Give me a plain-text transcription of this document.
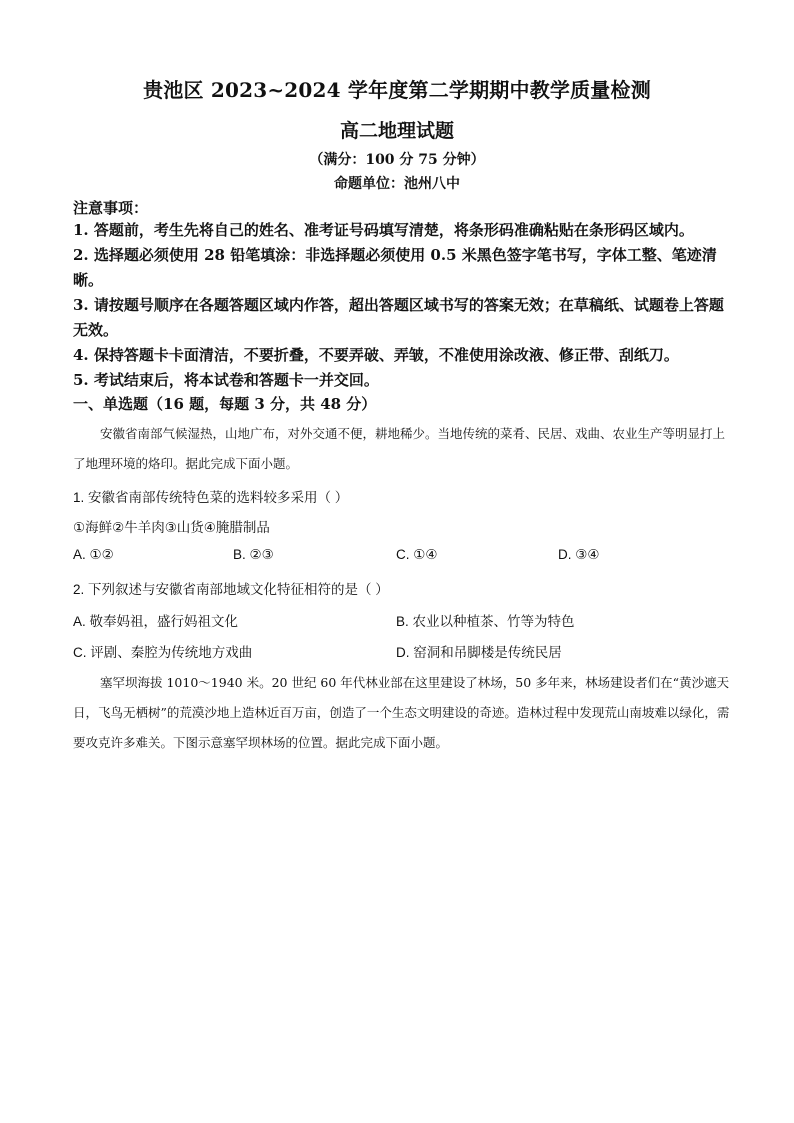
贵池区 2023~2024 学年度第二学期期中教学质量检测
高二地理试题
（满分：100 分 75 分钟）
命题单位：池州八中
注意事项：
1. 答题前，考生先将自己的姓名、准考证号码填写清楚，将条形码准确粘贴在条形码区域内。
2. 选择题必须使用 28 铅笔填涂：非选择题必须使用 0.5 米黑色签字笔书写，字体工整、笔迹清晰。
3. 请按题号顺序在各题答题区域内作答，超出答题区域书写的答案无效；在草稿纸、试题卷上答题无效。
4. 保持答题卡卡面清洁，不要折叠，不要弄破、弄皱，不准使用涂改液、修正带、刮纸刀。
5. 考试结束后，将本试卷和答题卡一并交回。
一、单选题（16 题，每题 3 分，共 48 分）
安徽省南部气候湿热，山地广布，对外交通不便，耕地稀少。当地传统的菜肴、民居、戏曲、农业生产等明显打上了地理环境的烙印。据此完成下面小题。
1. 安徽省南部传统特色菜的选料较多采用（ ）
①海鲜②牛羊肉③山货④腌腊制品
A. ①②	B. ②③	C. ①④	D. ③④
2. 下列叙述与安徽省南部地域文化特征相符的是（ ）
A. 敬奉妈祖，盛行妈祖文化	B. 农业以种植茶、竹等为特色
C. 评剧、秦腔为传统地方戏曲	D. 窑洞和吊脚楼是传统民居
塞罕坝海拔 1010～1940 米。20 世纪 60 年代林业部在这里建设了林场，50 多年来，林场建设者们在“黄沙遮天日，飞鸟无栖树”的荒漠沙地上造林近百万亩，创造了一个生态文明建设的奇迹。造林过程中发现荒山南坡难以绿化，需要攻克许多难关。下图示意塞罕坝林场的位置。据此完成下面小题。
